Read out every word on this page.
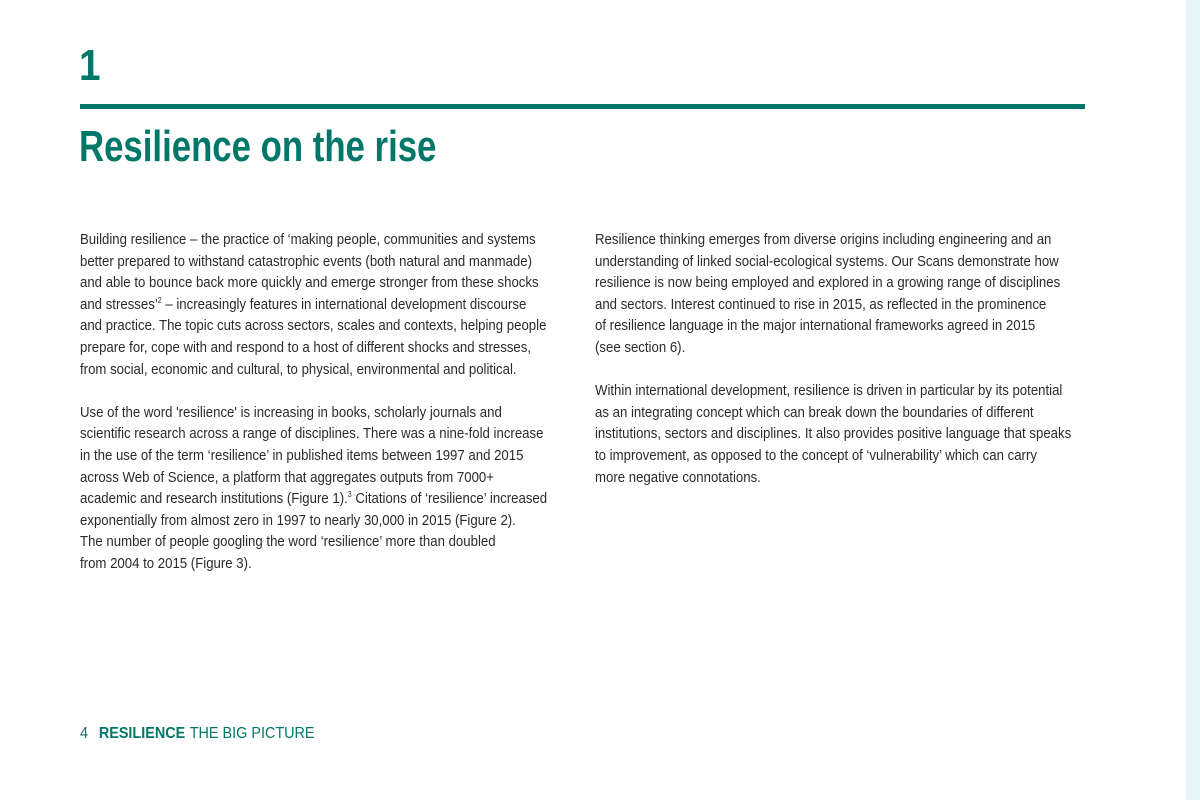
1
Resilience on the rise

Building resilience – the practice of ‘making people, communities and systems
better prepared to withstand catastrophic events (both natural and manmade)
and able to bounce back more quickly and emerge stronger from these shocks
and stresses’$^2$ – increasingly features in international development discourse
and practice. The topic cuts across sectors, scales and contexts, helping people
prepare for, cope with and respond to a host of different shocks and stresses,
from social, economic and cultural, to physical, environmental and political.

Use of the word 'resilience' is increasing in books, scholarly journals and
scientific research across a range of disciplines. There was a nine-fold increase
in the use of the term ‘resilience’ in published items between 1997 and 2015
across Web of Science, a platform that aggregates outputs from 7000+
academic and research institutions (Figure 1).$^3$ Citations of ‘resilience’ increased
exponentially from almost zero in 1997 to nearly 30,000 in 2015 (Figure 2).
The number of people googling the word ‘resilience’ more than doubled
from 2004 to 2015 (Figure 3).

Resilience thinking emerges from diverse origins including engineering and an
understanding of linked social-ecological systems. Our Scans demonstrate how
resilience is now being employed and explored in a growing range of disciplines
and sectors. Interest continued to rise in 2015, as reflected in the prominence
of resilience language in the major international frameworks agreed in 2015
(see section 6).

Within international development, resilience is driven in particular by its potential
as an integrating concept which can break down the boundaries of different
institutions, sectors and disciplines. It also provides positive language that speaks
to improvement, as opposed to the concept of ‘vulnerability’ which can carry
more negative connotations.

4 RESILIENCE THE BIG PICTURE
